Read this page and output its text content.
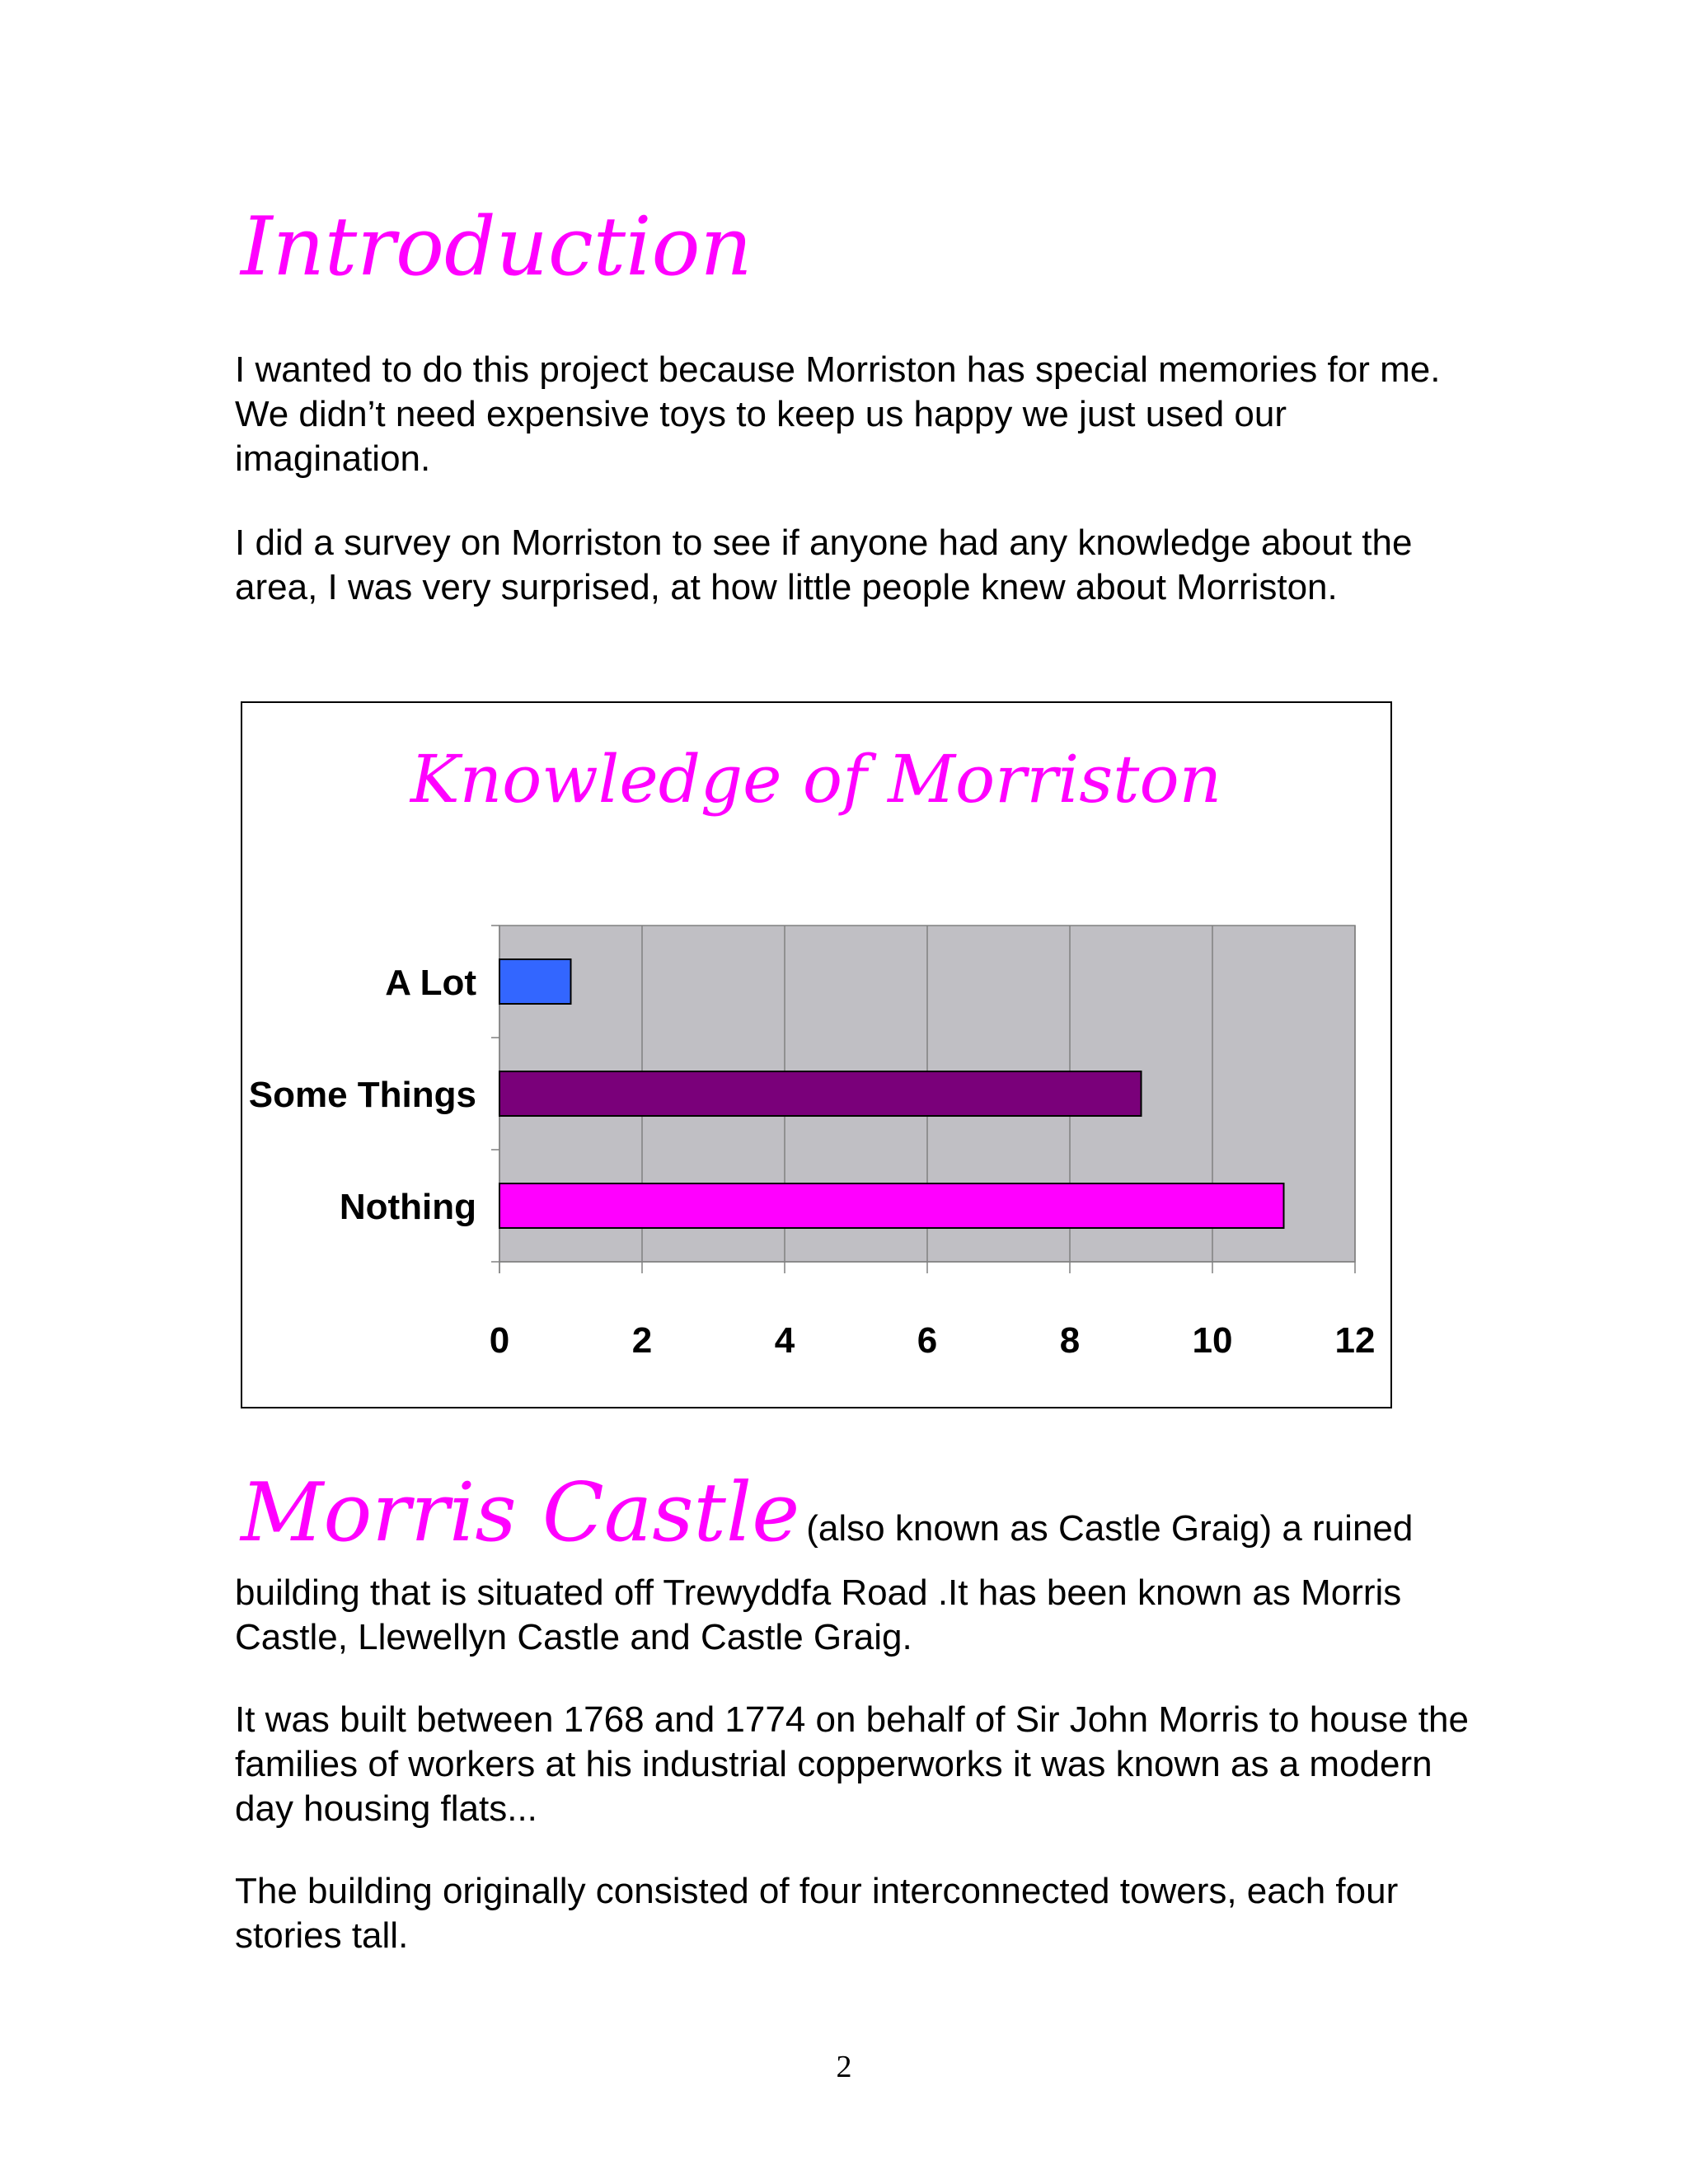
Introduction

I wanted to do this project because Morriston has special memories for me. We didn’t need expensive toys to keep us happy we just used our imagination.

I did a survey on Morriston to see if anyone had any knowledge about the area, I was very surprised, at how little people knew about Morriston.

Knowledge of Morriston
0	2	4	6	8	10	12
A Lot
Some Things
Nothing
Morris Castle (also known as Castle Graig) a ruined

building that is situated off Trewyddfa Road .It has been known as Morris Castle, Llewellyn Castle and Castle Graig.

It was built between 1768 and 1774 on behalf of Sir John Morris to house the families of workers at his industrial copperworks it was known as a modern day housing flats...

The building originally consisted of four interconnected towers, each four stories tall.

2
